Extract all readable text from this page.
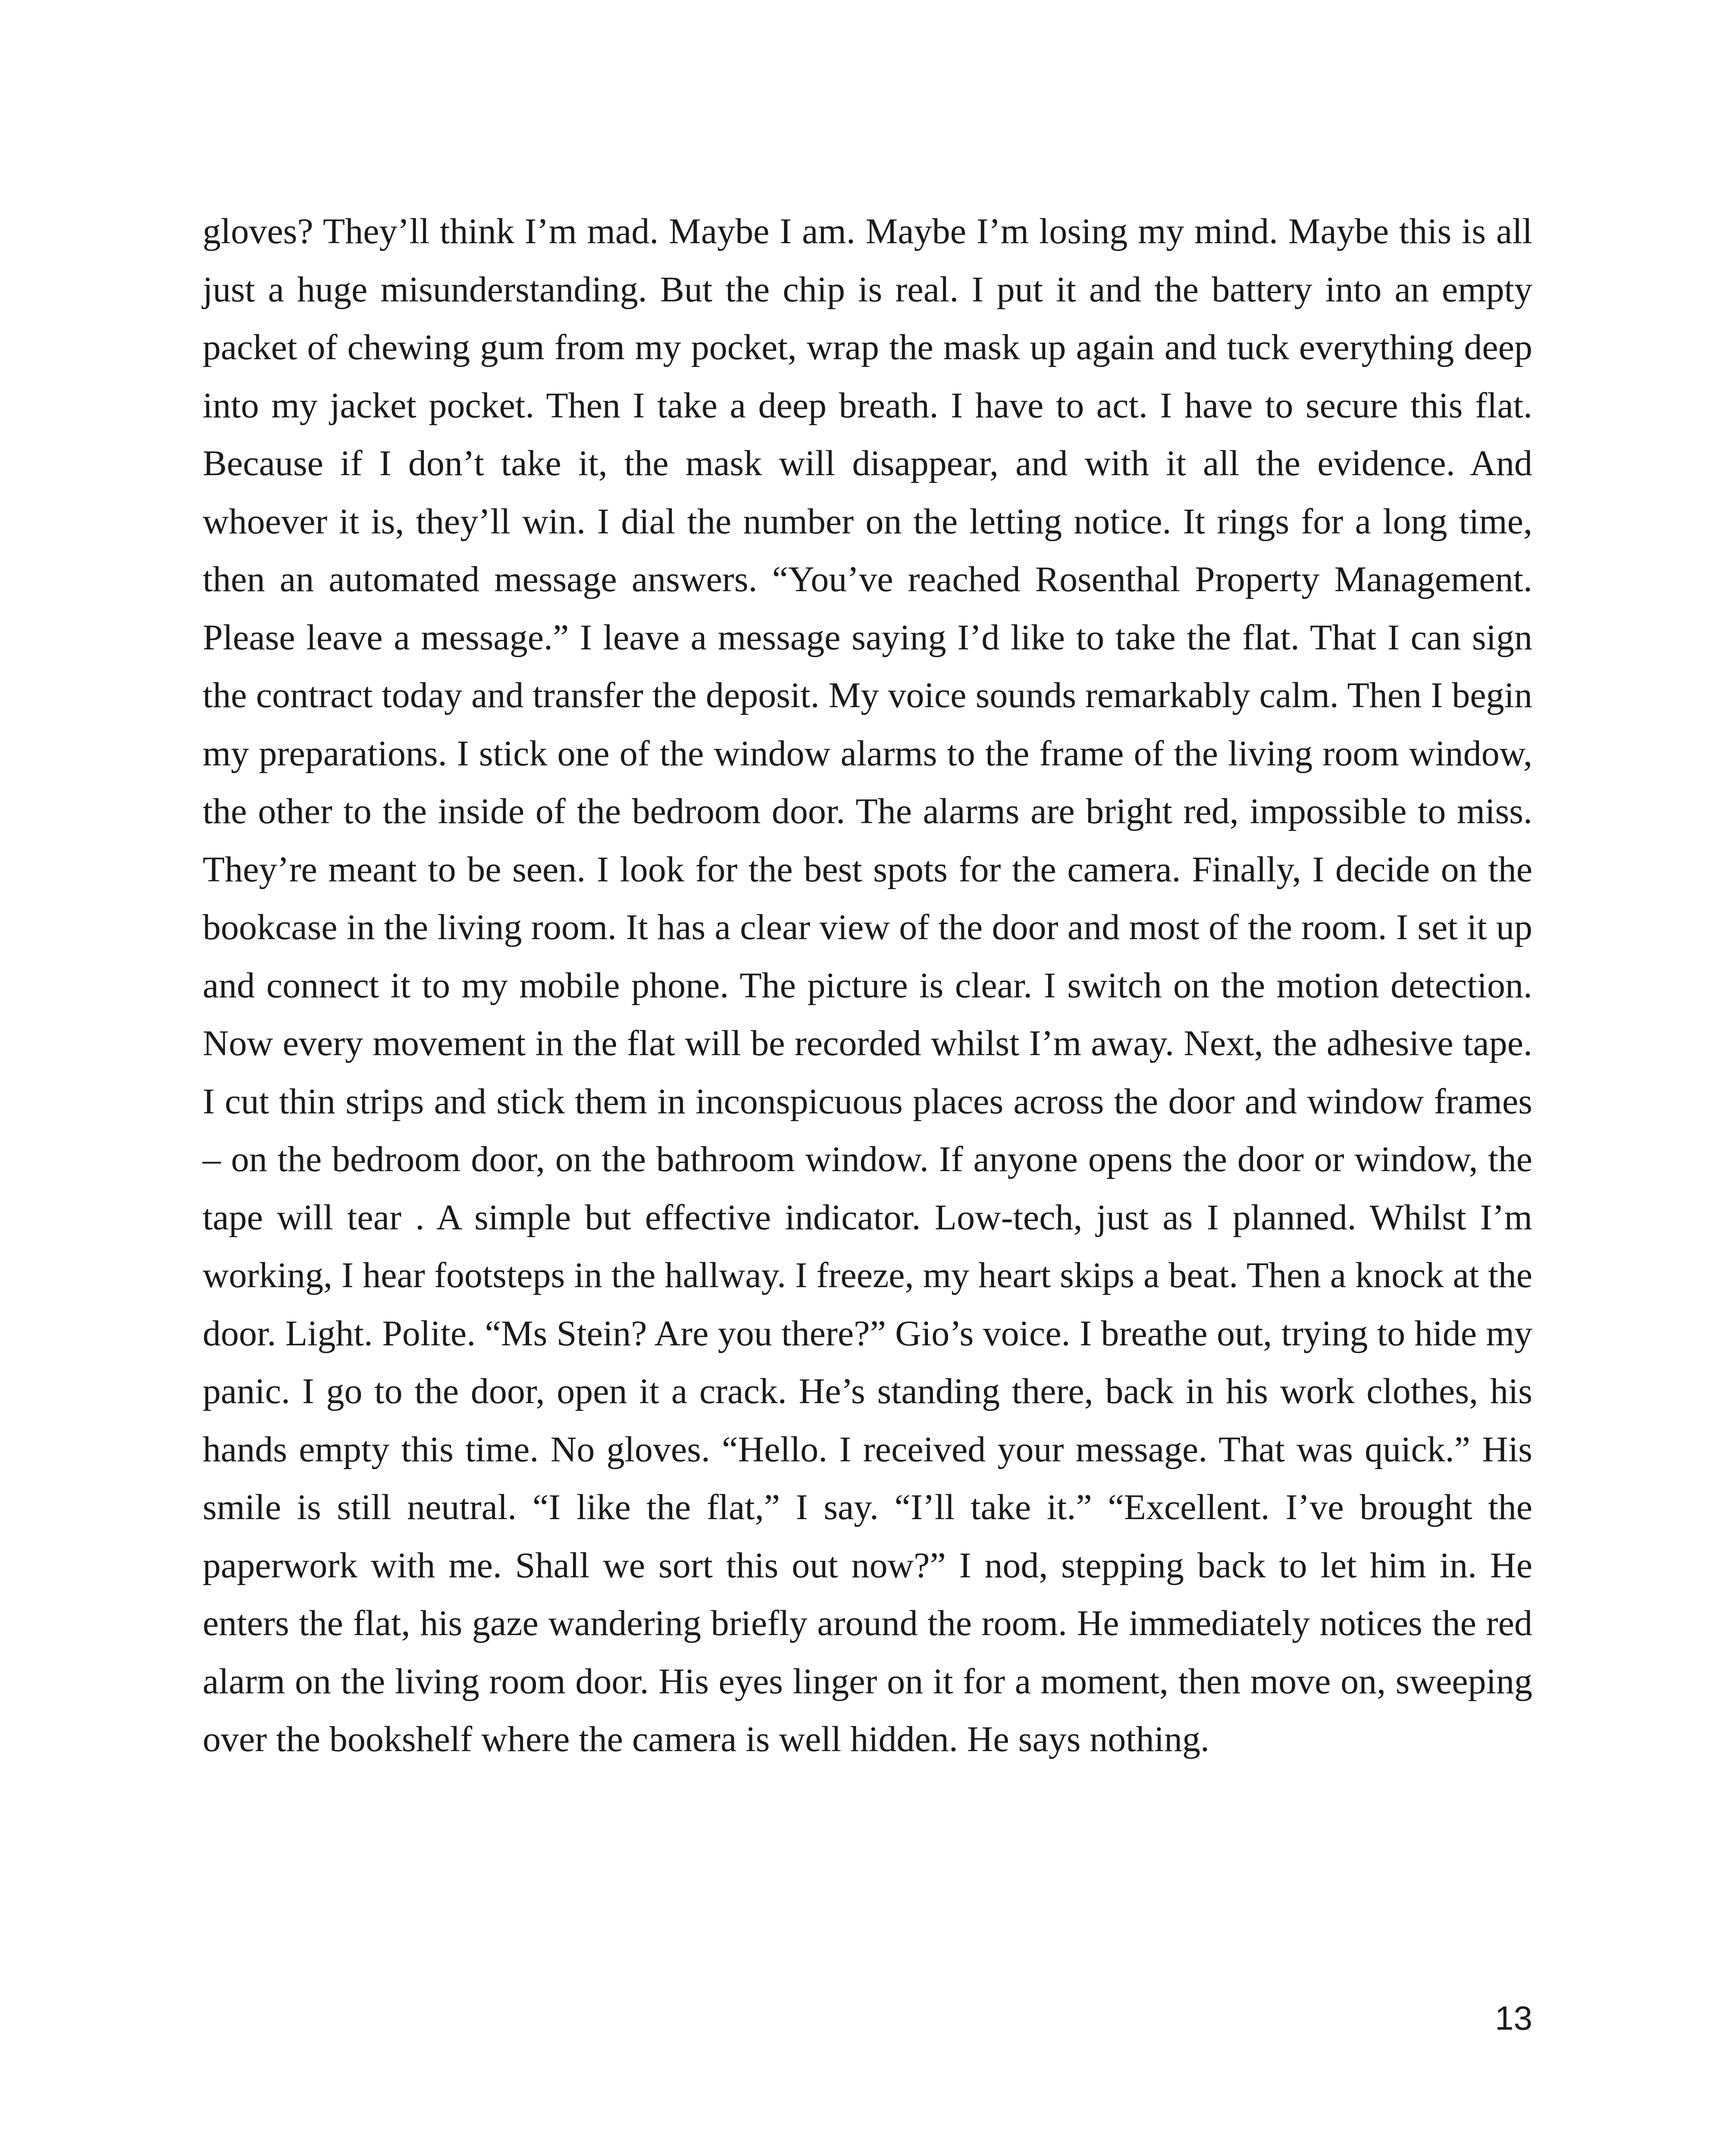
gloves? They’ll think I’m mad. Maybe I am. Maybe I’m losing my mind. Maybe this is all just a huge misunderstanding. But the chip is real. I put it and the battery into an empty packet of chewing gum from my pocket, wrap the mask up again and tuck everything deep into my jacket pocket. Then I take a deep breath. I have to act. I have to secure this flat. Because if I don’t take it, the mask will disappear, and with it all the evidence. And whoever it is, they’ll win. I dial the number on the letting notice. It rings for a long time, then an automated message answers. “You’ve reached Rosenthal Property Management. Please leave a message.” I leave a message saying I’d like to take the flat. That I can sign the contract today and transfer the deposit. My voice sounds remarkably calm. Then I begin my preparations. I stick one of the window alarms to the frame of the living room window, the other to the inside of the bedroom door. The alarms are bright red, impossible to miss. They’re meant to be seen. I look for the best spots for the camera. Finally, I decide on the bookcase in the living room. It has a clear view of the door and most of the room. I set it up and connect it to my mobile phone. The picture is clear. I switch on the motion detection. Now every movement in the flat will be recorded whilst I’m away. Next, the adhesive tape. I cut thin strips and stick them in inconspicuous places across the door and window frames – on the bedroom door, on the bathroom window. If anyone opens the door or window, the tape will tear . A simple but effective indicator. Low-tech, just as I planned. Whilst I’m working, I hear footsteps in the hallway. I freeze, my heart skips a beat. Then a knock at the door. Light. Polite. “Ms Stein? Are you there?” Gio’s voice. I breathe out, trying to hide my panic. I go to the door, open it a crack. He’s standing there, back in his work clothes, his hands empty this time. No gloves. “Hello. I received your message. That was quick.” His smile is still neutral. “I like the flat,” I say. “I’ll take it.” “Excellent. I’ve brought the paperwork with me. Shall we sort this out now?” I nod, stepping back to let him in. He enters the flat, his gaze wandering briefly around the room. He immediately notices the red alarm on the living room door. His eyes linger on it for a moment, then move on, sweeping over the bookshelf where the camera is well hidden. He says nothing.

13
